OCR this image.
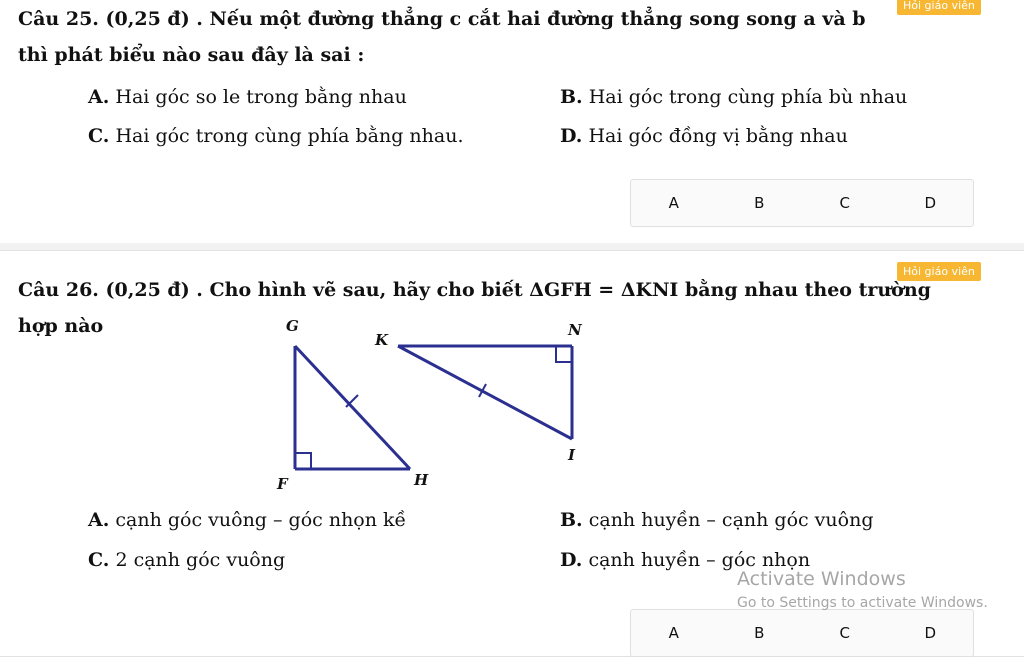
Câu 25. (0,25 đ) . Nếu một đường thẳng c cắt hai đường thẳng song song a và b
thì phát biểu nào sau đây là sai :
Hỏi giáo viên
A. Hai góc so le trong bằng nhau	B. Hai góc trong cùng phía bù nhau
C. Hai góc trong cùng phía bằng nhau.	D. Hai góc đồng vị bằng nhau
A	B	C	D
Hỏi giáo viên
Câu 26. (0,25 đ) . Cho hình vẽ sau, hãy cho biết ΔGFH = ΔKNI bằng nhau theo trường
hợp nào	G
F	H
K
N
I
A. cạnh góc vuông – góc nhọn kề	B. cạnh huyền – cạnh góc vuông
C. 2 cạnh góc vuông	D. cạnh huyền – góc nhọn
A	B	C	D
Activate Windows
Go to Settings to activate Windows.
